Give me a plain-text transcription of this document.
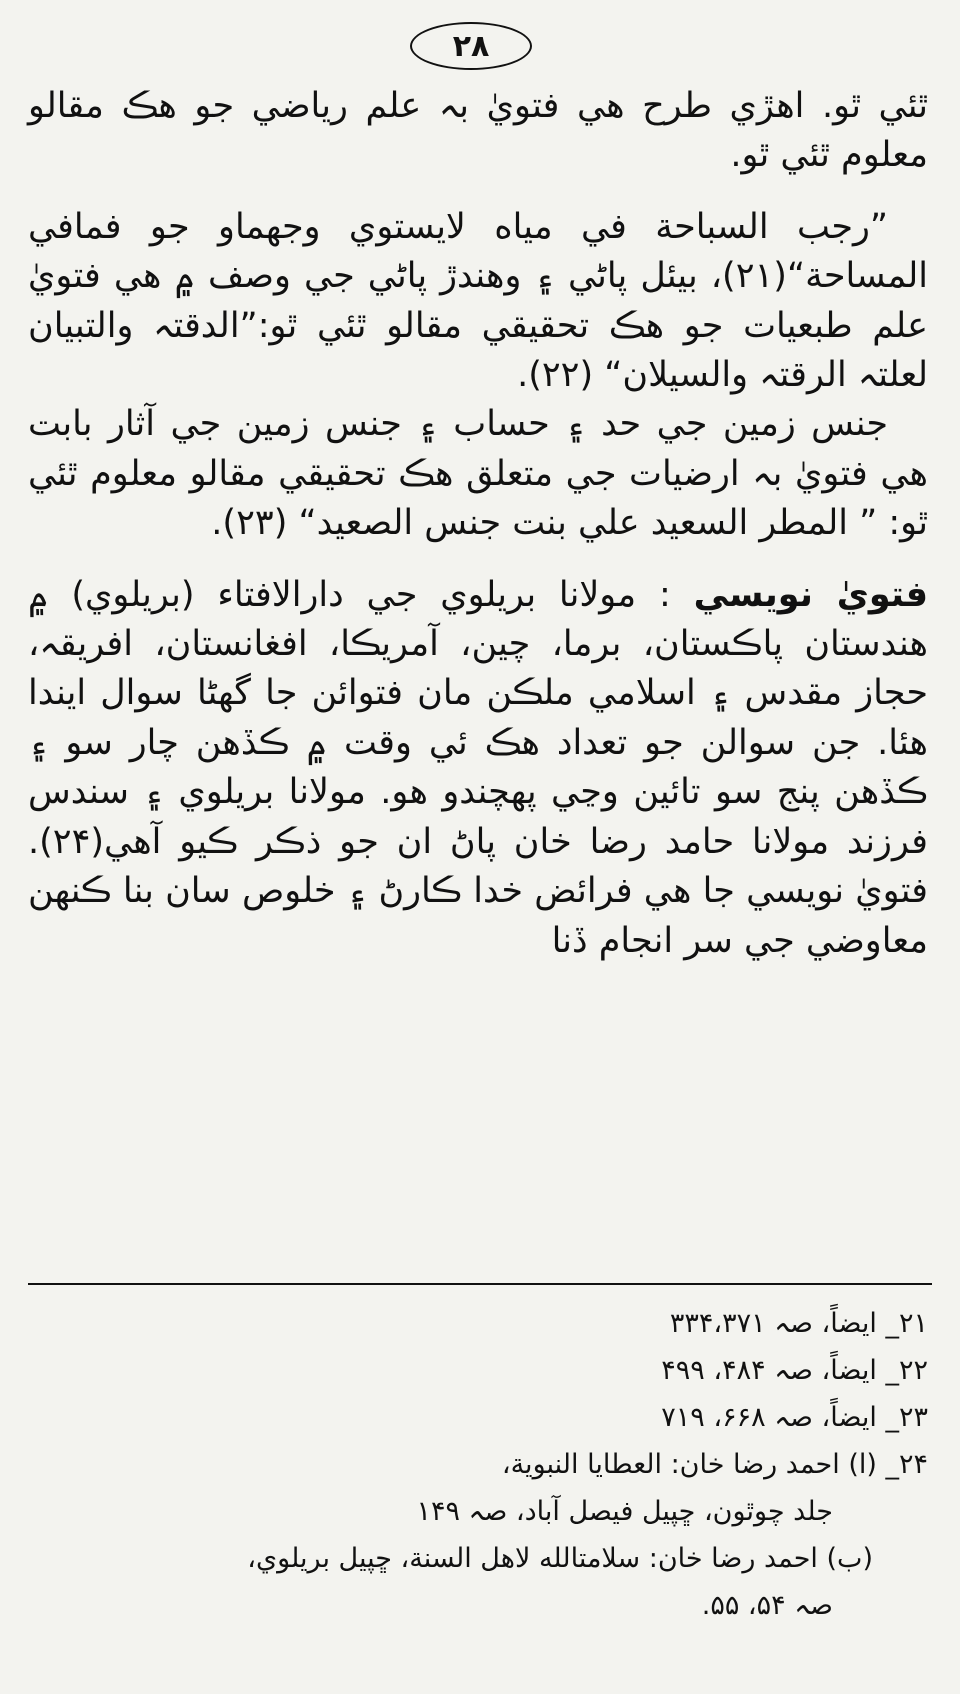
۲۸

ٿئي ٿو. اهڙي طرح هي فتويٰ بہ علم رياضي جو هڪ مقالو معلوم ٿئي ٿو.

”رجب السباحة في مياه لايستوي وجهماو جو فمافي المساحة“(۲۱)، بيئل پاڻي ۽ وهندڙ پاڻي جي وصف ۾ هي فتويٰ علم طبعيات جو هڪ تحقيقي مقالو ٿئي ٿو:”الدقتہ والتبيان لعلتہ الرقتہ والسيلان“ (۲۲).

جنس زمين جي حد ۽ حساب ۽ جنس زمين جي آثار بابت هي فتويٰ بہ ارضيات جي متعلق هڪ تحقيقي مقالو معلوم ٿئي ٿو: ” المطر السعيد علي بنت جنس الصعيد“ (۲۳).

فتويٰ نويسي : مولانا بريلوي جي دارالافتاء (بريلوي) ۾ هندستان پاڪستان، برما، چين، آمريڪا، افغانستان، افريقہ، حجاز مقدس ۽ اسلامي ملڪن مان فتوائن جا گهڻا سوال ايندا هئا. جن سوالن جو تعداد هڪ ئي وقت ۾ ڪڏهن چار سو ۽ ڪڏهن پنج سو تائين وڃي پهچندو هو. مولانا بريلوي ۽ سندس فرزند مولانا حامد رضا خان پاڻ ان جو ذڪر ڪيو آهي(۲۴). فتويٰ نويسي جا هي فرائض خدا ڪارڻ ۽ خلوص سان بنا ڪنهن معاوضي جي سر انجام ڏنا

۲۱_ ايضاً، صہ ۳۳۴،۳۷۱

۲۲_ ايضاً، صہ ۴۸۴، ۴۹۹

۲۳_ ايضاً، صہ ۶۶۸، ۷۱۹

۲۴_ (ا) احمد رضا خان: العطايا النبوية،

جلد چوٿون، ڇپيل فيصل آباد، صہ ۱۴۹

(ب) احمد رضا خان: سلامتالله لاهل السنة، ڇپيل بريلوي،

صہ ۵۴، ۵۵.
